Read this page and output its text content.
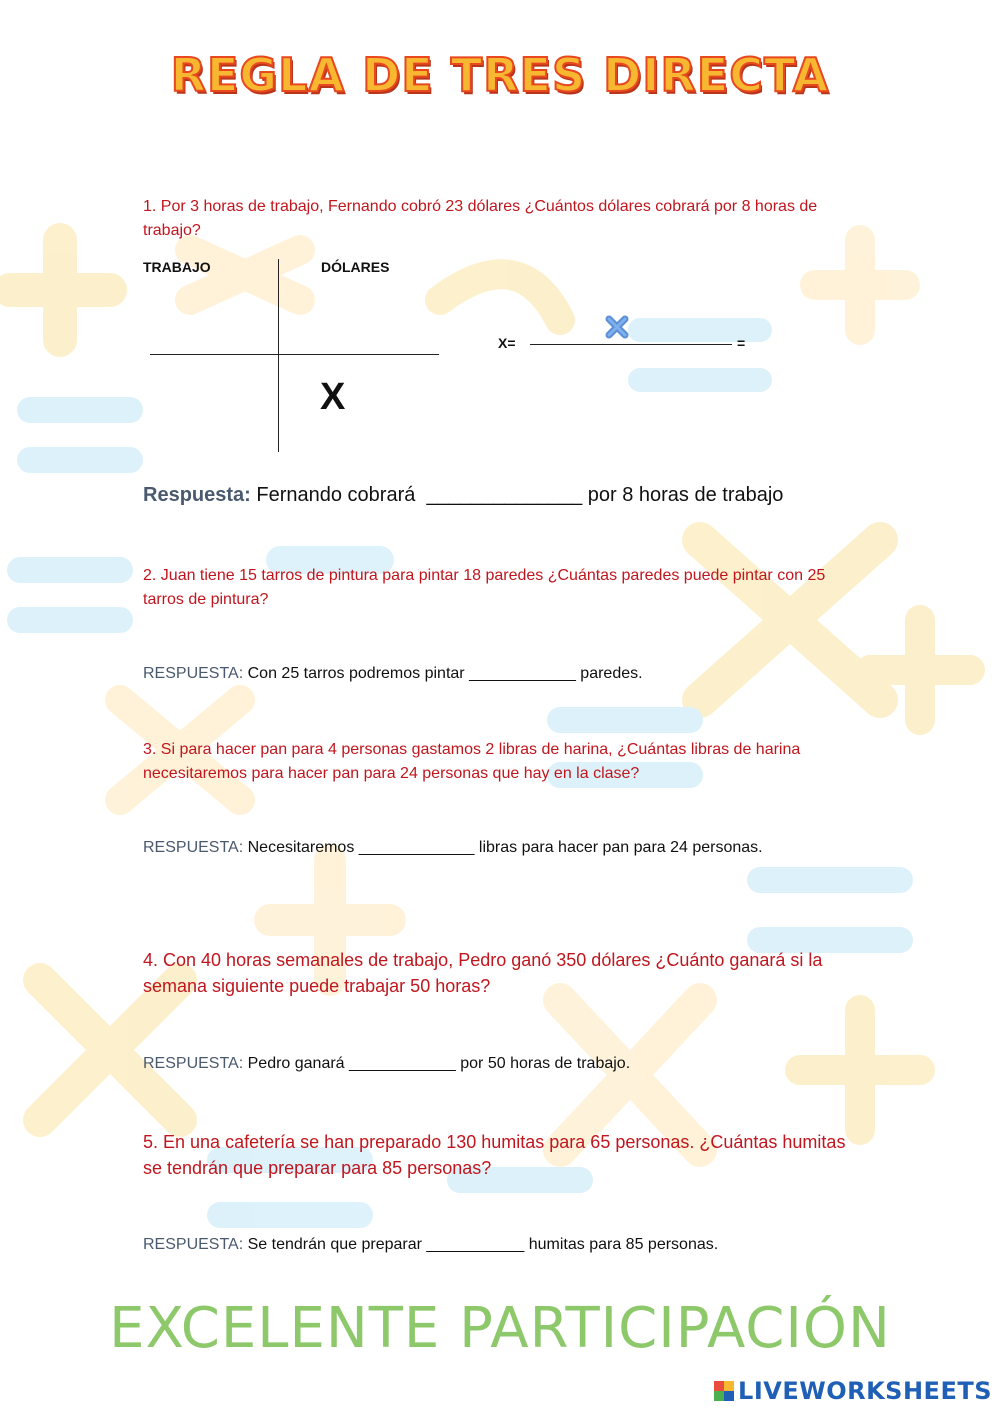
REGLA DE TRES DIRECTA
1. Por 3 horas de trabajo, Fernando cobró 23 dólares ¿Cuántos dólares cobrará por 8 horas de trabajo?
TRABAJO	DÓLARES
X
X=	=
Respuesta: Fernando cobrará  ______________ por 8 horas de trabajo
2. Juan tiene 15 tarros de pintura para pintar 18 paredes ¿Cuántas paredes puede pintar con 25 tarros de pintura?
RESPUESTA: Con 25 tarros podremos pintar ____________ paredes.
3. Si para hacer pan para 4 personas gastamos 2 libras de harina, ¿Cuántas libras de harina necesitaremos para hacer pan para 24 personas que hay en la clase?
RESPUESTA: Necesitaremos _____________ libras para hacer pan para 24 personas.
4. Con 40 horas semanales de trabajo, Pedro ganó 350 dólares ¿Cuánto ganará si la semana siguiente puede trabajar 50 horas?
RESPUESTA: Pedro ganará ____________ por 50 horas de trabajo.
5. En una cafetería se han preparado 130 humitas para 65 personas. ¿Cuántas humitas se tendrán que preparar para 85 personas?
RESPUESTA: Se tendrán que preparar ___________ humitas para 85 personas.
EXCELENTE PARTICIPACIÓN
LIVEWORKSHEETS
